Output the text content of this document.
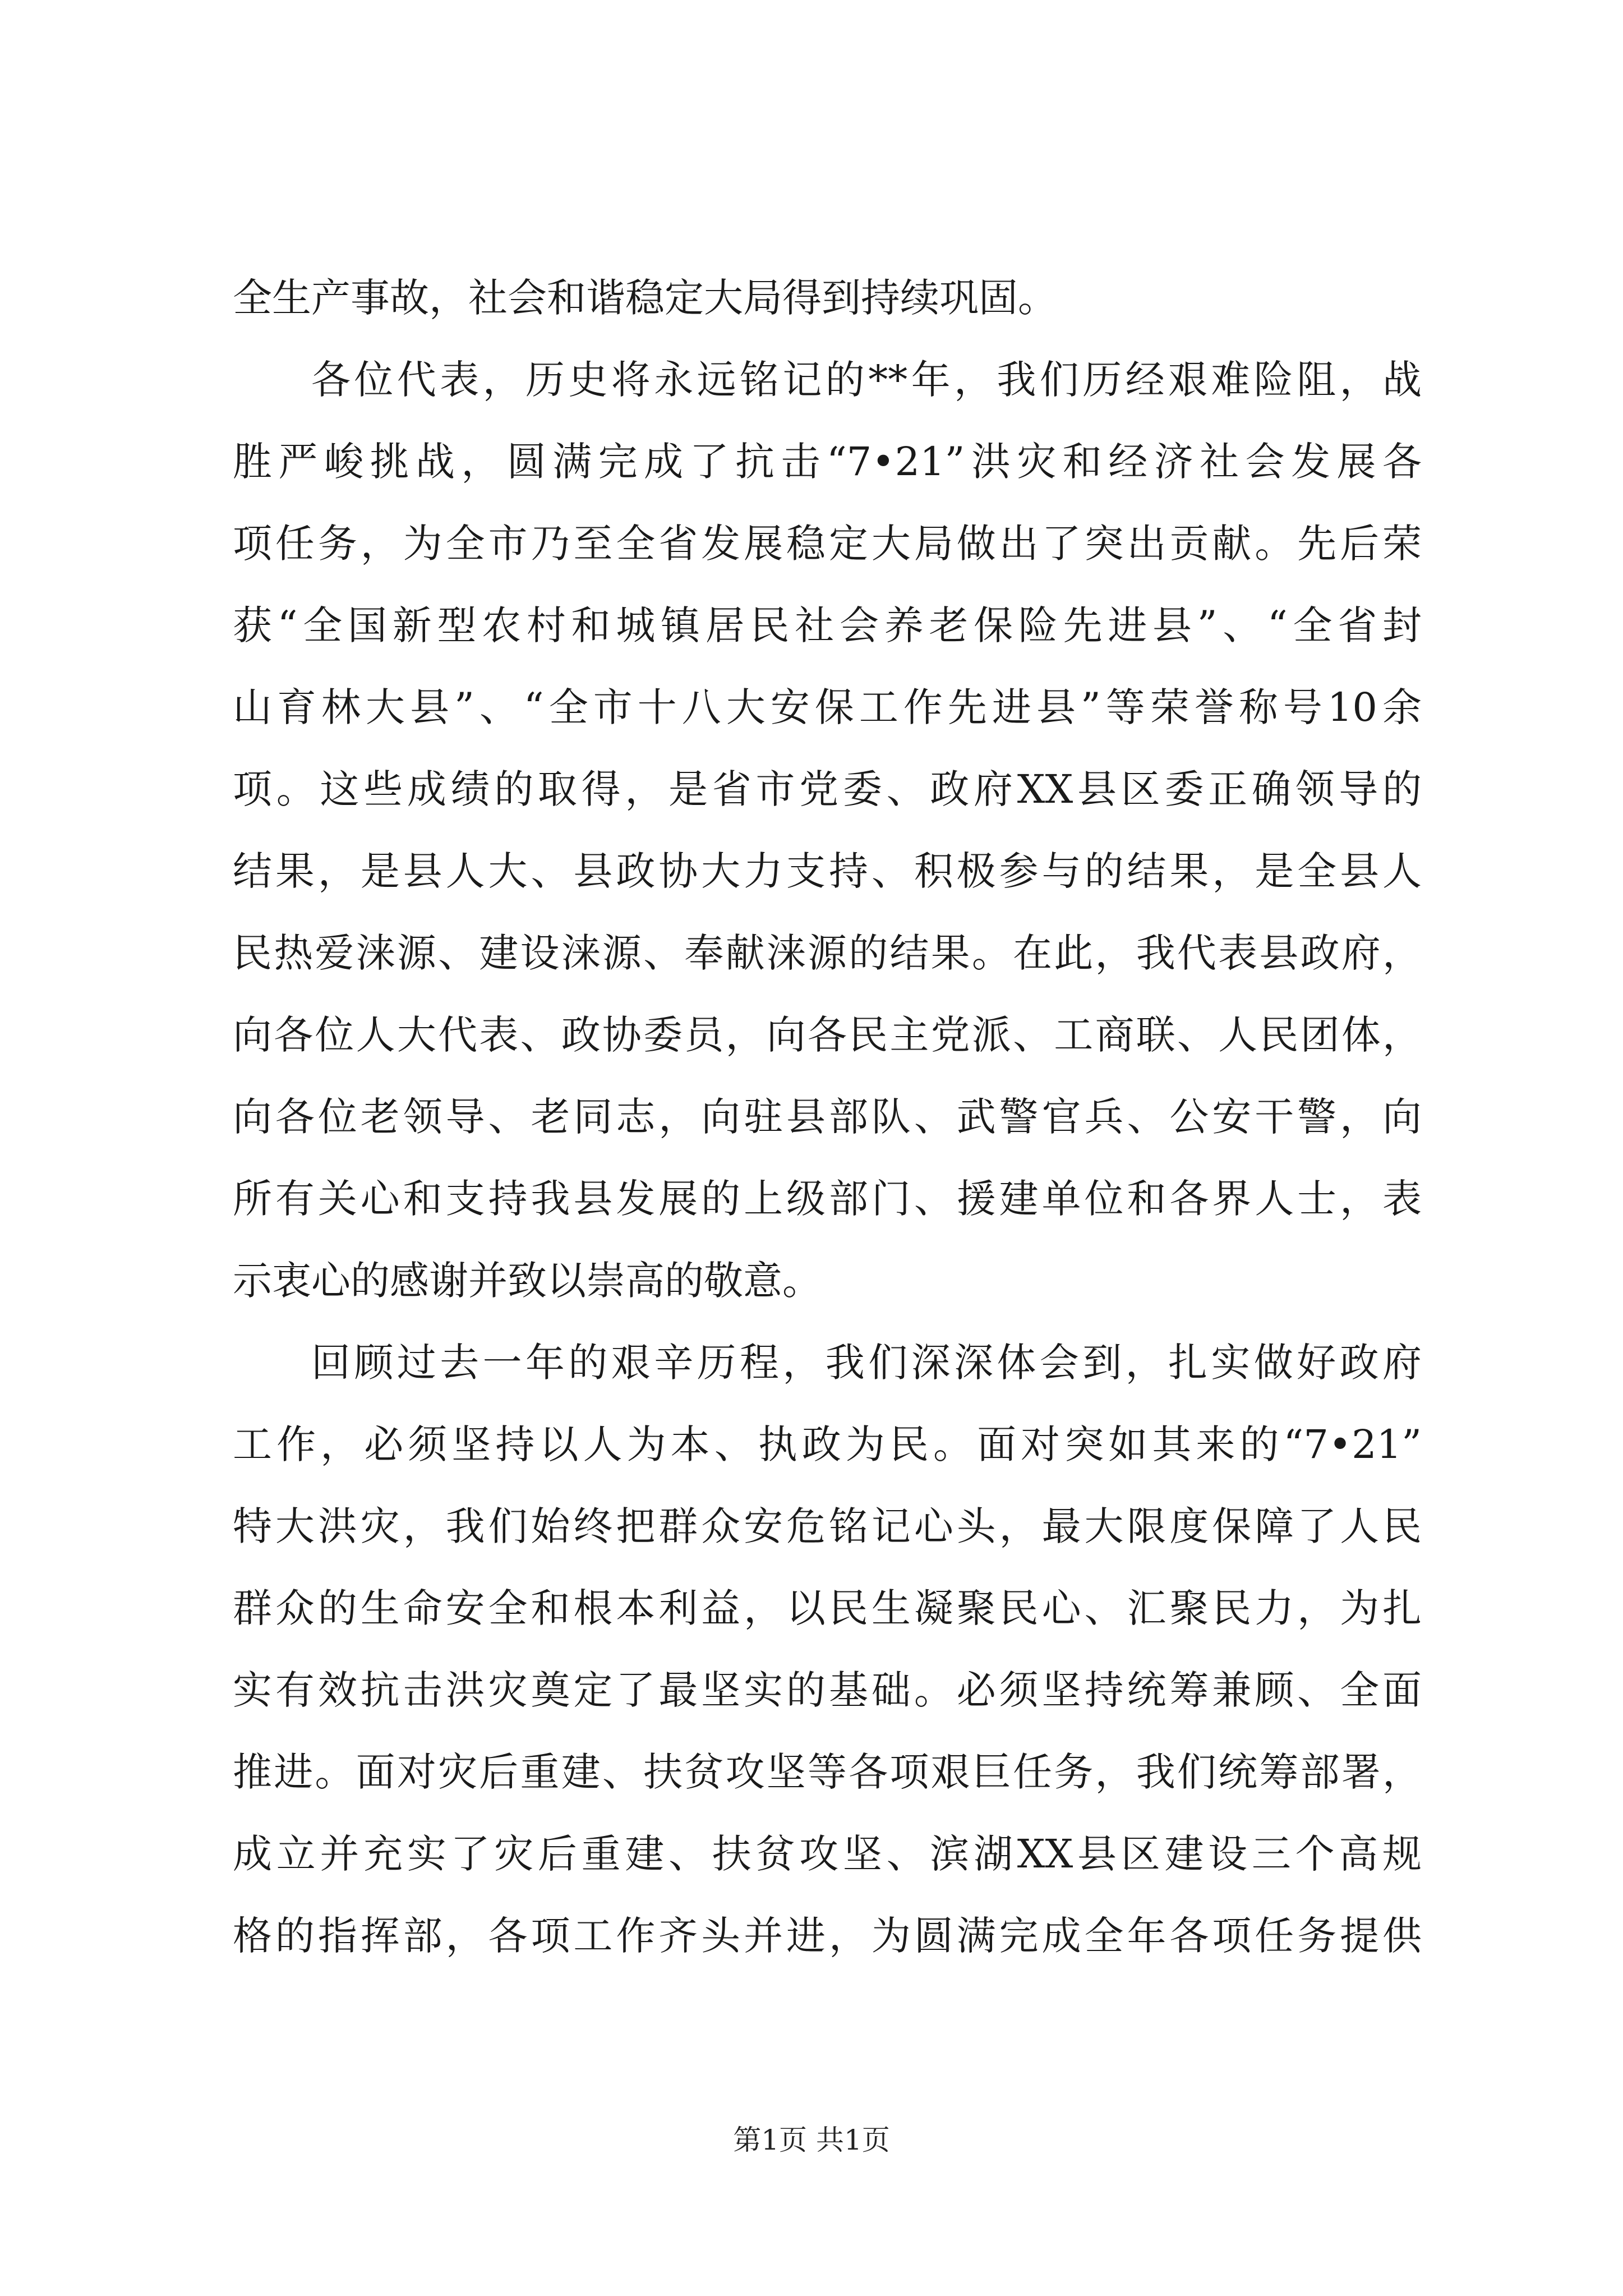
全生产事故，社会和谐稳定大局得到持续巩固。
各位代表，历史将永远铭记的**年，我们历经艰难险阻，战
胜严峻挑战，圆满完成了抗击“7•21”洪灾和经济社会发展各
项任务，为全市乃至全省发展稳定大局做出了突出贡献。先后荣
获“全国新型农村和城镇居民社会养老保险先进县”、“全省封
山育林大县”、“全市十八大安保工作先进县”等荣誉称号10余
项。这些成绩的取得，是省市党委、政府XX县区委正确领导的
结果，是县人大、县政协大力支持、积极参与的结果，是全县人
民热爱涞源、建设涞源、奉献涞源的结果。在此，我代表县政府，
向各位人大代表、政协委员，向各民主党派、工商联、人民团体，
向各位老领导、老同志，向驻县部队、武警官兵、公安干警，向
所有关心和支持我县发展的上级部门、援建单位和各界人士，表
示衷心的感谢并致以崇高的敬意。
回顾过去一年的艰辛历程，我们深深体会到，扎实做好政府
工作，必须坚持以人为本、执政为民。面对突如其来的“7•21”
特大洪灾，我们始终把群众安危铭记心头，最大限度保障了人民
群众的生命安全和根本利益，以民生凝聚民心、汇聚民力，为扎
实有效抗击洪灾奠定了最坚实的基础。必须坚持统筹兼顾、全面
推进。面对灾后重建、扶贫攻坚等各项艰巨任务，我们统筹部署，
成立并充实了灾后重建、扶贫攻坚、滨湖XX县区建设三个高规
格的指挥部，各项工作齐头并进，为圆满完成全年各项任务提供
第1页 共1页
